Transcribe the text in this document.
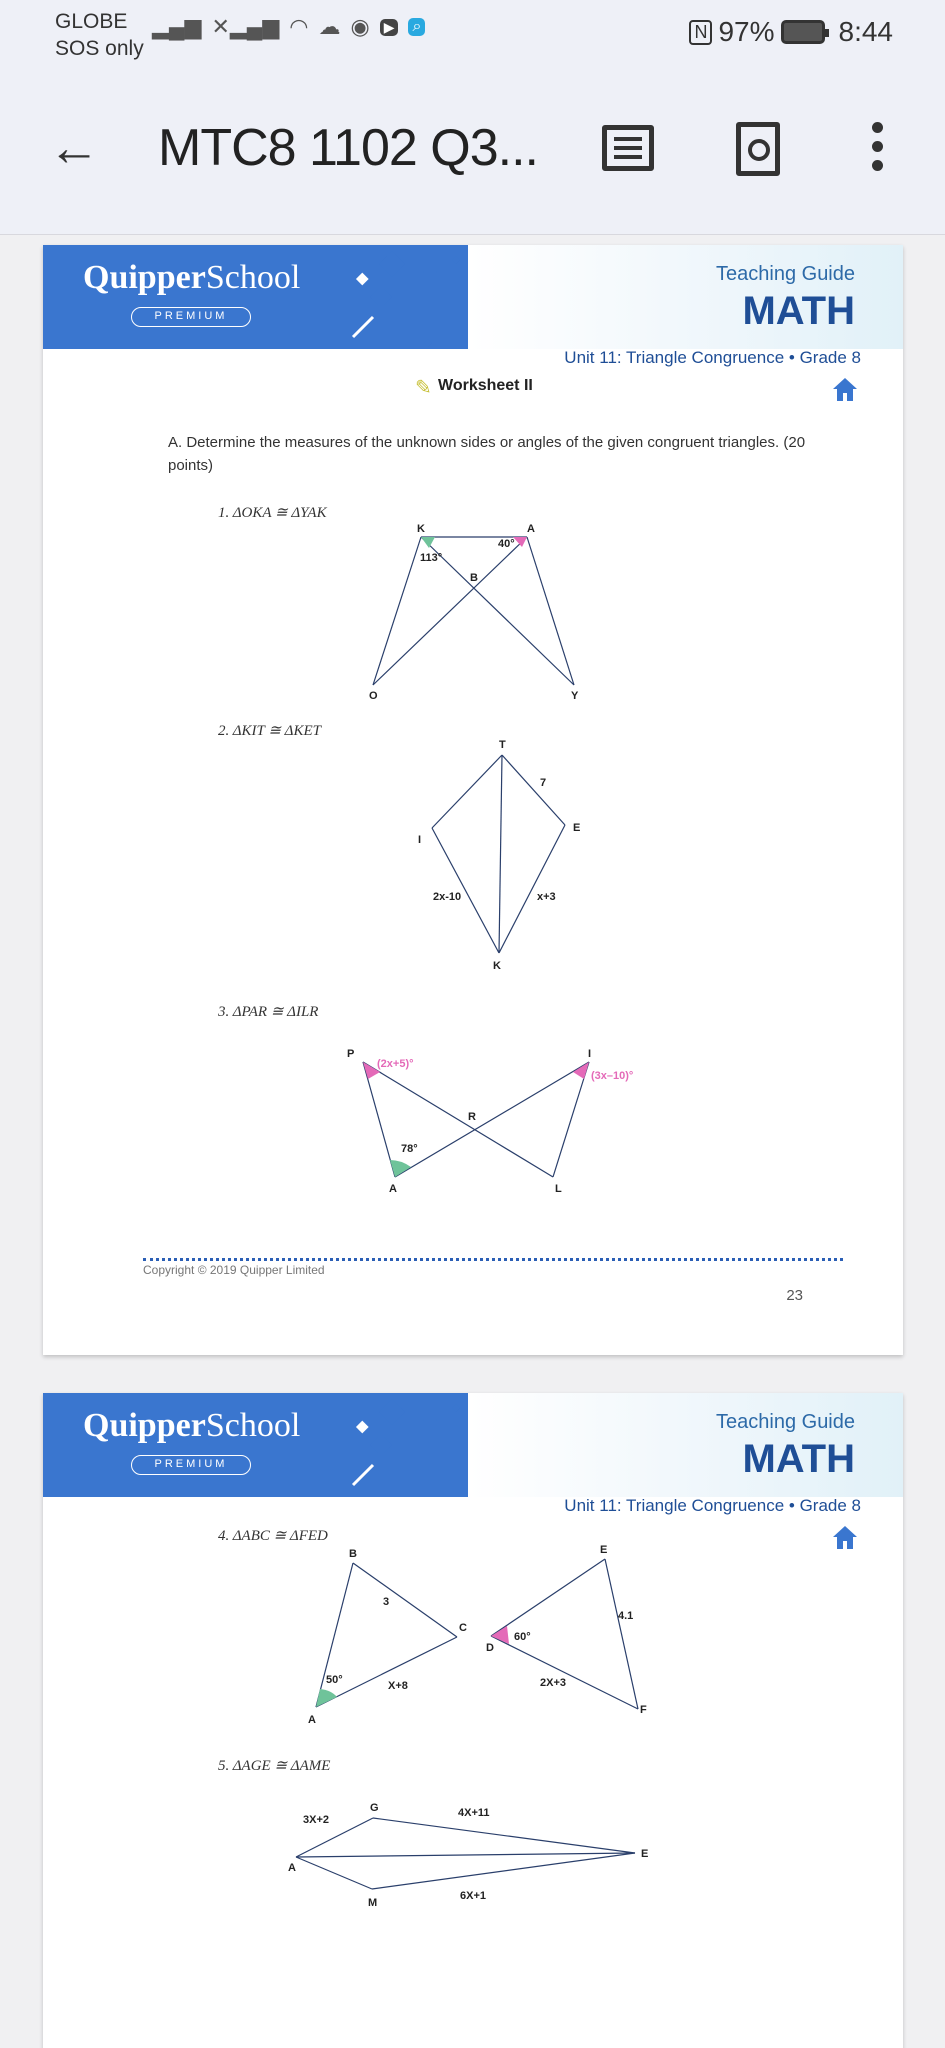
GLOBE
SOS only
▂▄▆ ✕▂▄▆ ◠ ☁ ◉ ▶ ⌕	N 97% 8:44
← MTC8 1102 Q3...
QuipperSchool
PREMIUM
Teaching Guide
MATH
Unit 11: Triangle Congruence • Grade 8
✎ Worksheet II
A. Determine the measures of the unknown sides or angles of the given congruent triangles. (20 points)
1. ΔOKA ≅ ΔYAK
K	A
B
O	Y
113°
40°
2. ΔKIT ≅ ΔKET
T
I
E
K
7
2x-10	x+3
3. ΔPAR ≅ ΔILR
P
A
R
I
L
(2x+5)°
(3x–10)°
78°
Copyright © 2019 Quipper Limited
23
QuipperSchool
PREMIUM
Teaching Guide
MATH
Unit 11: Triangle Congruence • Grade 8
4. ΔABC ≅ ΔFED
B
C
A
E
D
F
3
X+8
50°
60°
4.1
2X+3
5. ΔAGE ≅ ΔAME
A
G
M
E
3X+2
4X+11
6X+1
